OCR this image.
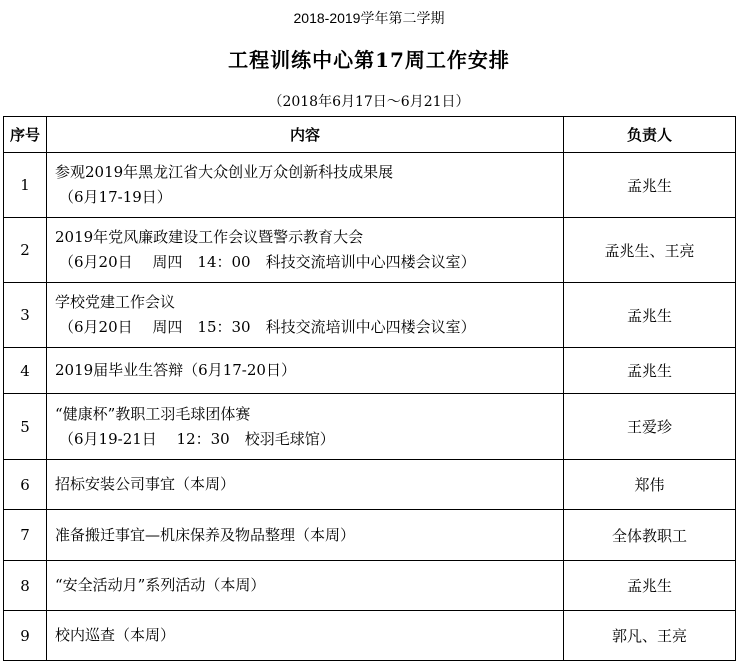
2018-2019学年第二学期
工程训练中心第17周工作安排
（2018年6月17日～6月21日）
序号	内容	负责人
1	参观2019年黑龙江省大众创业万众创新科技成果展
（6月17-19日）	孟兆生
2	2019年党风廉政建设工作会议暨警示教育大会
（6月20日　 周四　14：00　科技交流培训中心四楼会议室）	孟兆生、王亮
3	学校党建工作会议
（6月20日　 周四　15：30　科技交流培训中心四楼会议室）	孟兆生
4	2019届毕业生答辩（6月17-20日）	孟兆生
5	“健康杯”教职工羽毛球团体赛
（6月19-21日　 12：30　校羽毛球馆）	王爱珍
6	招标安装公司事宜（本周）	郑伟
7	准备搬迁事宜—机床保养及物品整理（本周）	全体教职工
8	“安全活动月”系列活动（本周）	孟兆生
9	校内巡查（本周）	郭凡、王亮
